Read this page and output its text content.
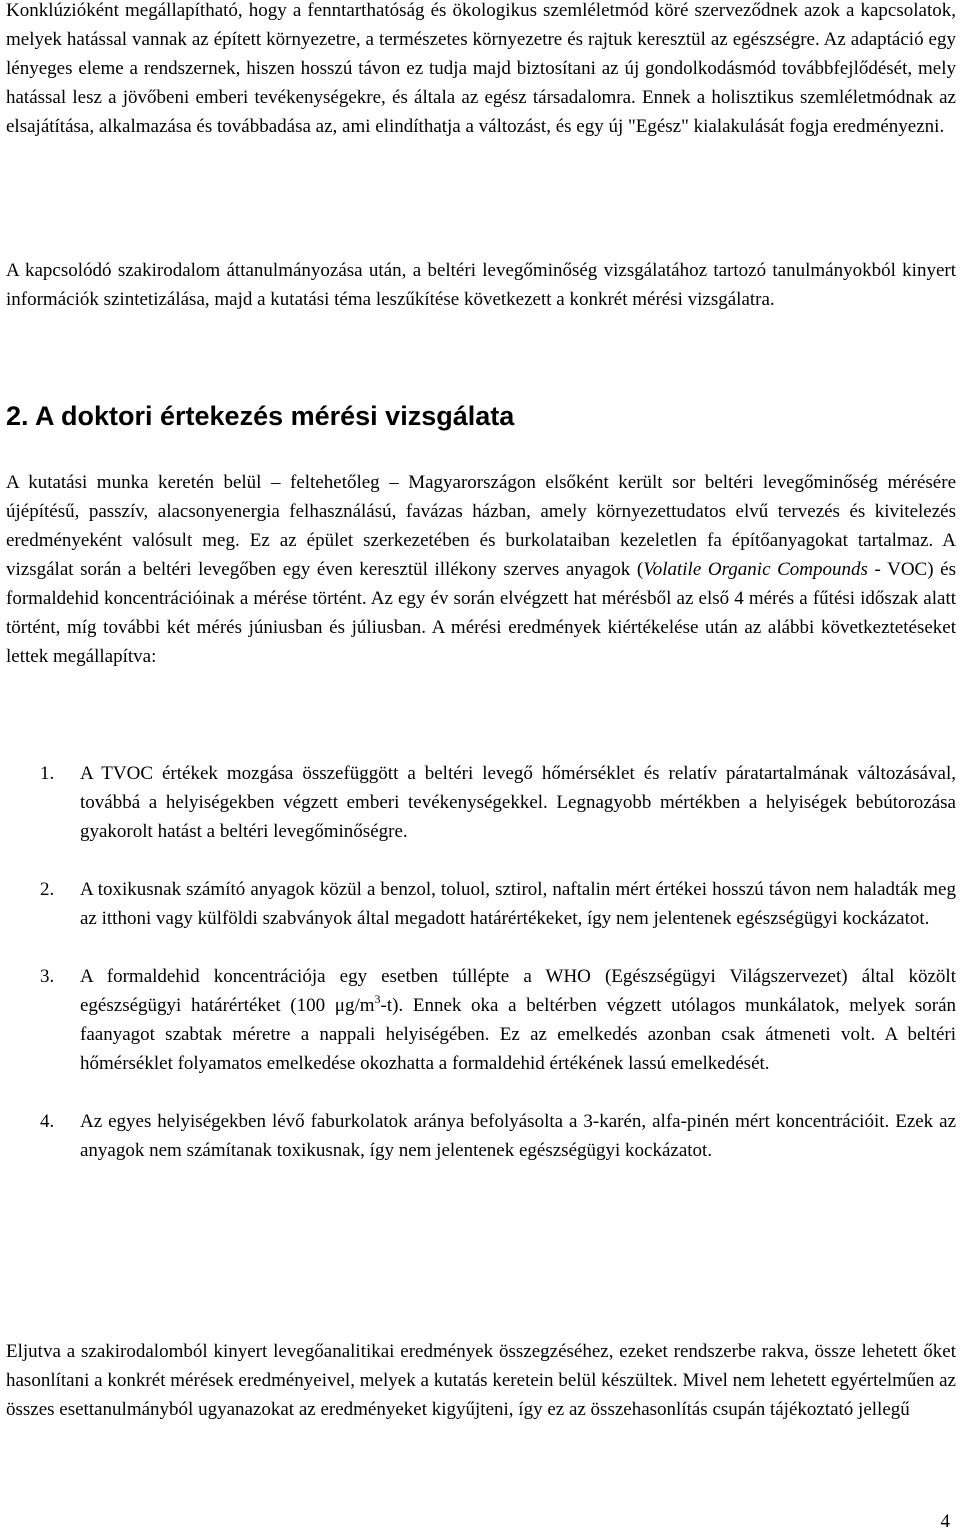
Konklúzióként megállapítható, hogy a fenntarthatóság és ökologikus szemléletmód köré szerveződnek azok a kapcsolatok, melyek hatással vannak az épített környezetre, a természetes környezetre és rajtuk keresztül az egészségre. Az adaptáció egy lényeges eleme a rendszernek, hiszen hosszú távon ez tudja majd biztosítani az új gondolkodásmód továbbfejlődését, mely hatással lesz a jövőbeni emberi tevékenységekre, és általa az egész társadalomra. Ennek a holisztikus szemléletmódnak az elsajátítása, alkalmazása és továbbadása az, ami elindíthatja a változást, és egy új "Egész" kialakulását fogja eredményezni.

A kapcsolódó szakirodalom áttanulmányozása után, a beltéri levegőminőség vizsgálatához tartozó tanulmányokból kinyert információk szintetizálása, majd a kutatási téma leszűkítése következett a konkrét mérési vizsgálatra.

2. A doktori értekezés mérési vizsgálata

A kutatási munka keretén belül – feltehetőleg – Magyarországon elsőként került sor beltéri levegőminőség mérésére újépítésű, passzív, alacsonyenergia felhasználású, favázas házban, amely környezettudatos elvű tervezés és kivitelezés eredményeként valósult meg. Ez az épület szerkezetében és burkolataiban kezeletlen fa építőanyagokat tartalmaz. A vizsgálat során a beltéri levegőben egy éven keresztül illékony szerves anyagok (Volatile Organic Compounds - VOC) és formaldehid koncentrációinak a mérése történt. Az egy év során elvégzett hat mérésből az első 4 mérés a fűtési időszak alatt történt, míg további két mérés júniusban és júliusban. A mérési eredmények kiértékelése után az alábbi következtetéseket lettek megállapítva:

1. A TVOC értékek mozgása összefüggött a beltéri levegő hőmérséklet és relatív páratartalmának változásával, továbbá a helyiségekben végzett emberi tevékenységekkel. Legnagyobb mértékben a helyiségek bebútorozása gyakorolt hatást a beltéri levegőminőségre.

2. A toxikusnak számító anyagok közül a benzol, toluol, sztirol, naftalin mért értékei hosszú távon nem haladták meg az itthoni vagy külföldi szabványok által megadott határértékeket, így nem jelentenek egészségügyi kockázatot.

3. A formaldehid koncentrációja egy esetben túllépte a WHO (Egészségügyi Világszervezet) által közölt egészségügyi határértéket (100 $\mu g/m^3-t$). Ennek oka a beltérben végzett utólagos munkálatok, melyek során faanyagot szabtak méretre a nappali helyiségében. Ez az emelkedés azonban csak átmeneti volt. A beltéri hőmérséklet folyamatos emelkedése okozhatta a formaldehid értékének lassú emelkedését.

4. Az egyes helyiségekben lévő faburkolatok aránya befolyásolta a 3-karén, alfa-pinén mért koncentrációit. Ezek az anyagok nem számítanak toxikusnak, így nem jelentenek egészségügyi kockázatot.

Eljutva a szakirodalomból kinyert levegőanalitikai eredmények összegzéséhez, ezeket rendszerbe rakva, össze lehetett őket hasonlítani a konkrét mérések eredményeivel, melyek a kutatás keretein belül készültek. Mivel nem lehetett egyértelműen az összes esettanulmányból ugyanazokat az eredményeket kigyűjteni, így ez az összehasonlítás csupán tájékoztató jellegű

4
